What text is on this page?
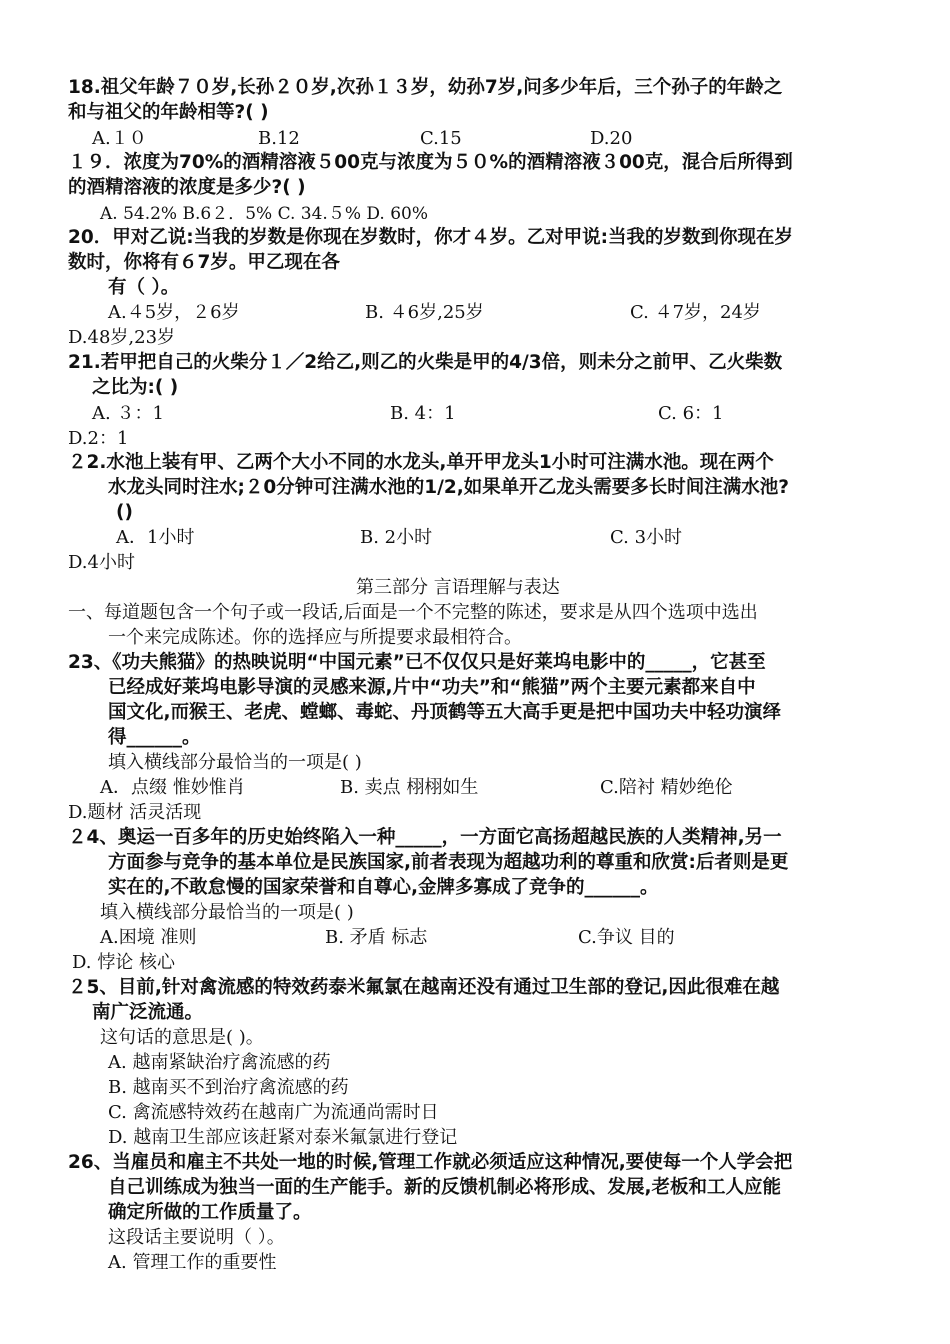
18.祖父年龄７０岁,长孙２０岁,次孙１３岁，幼孙7岁,问多少年后，三个孙子的年龄之
和与祖父的年龄相等?( )
A.１０	B.12	C.15	D.20
１９．浓度为70%的酒精溶液５00克与浓度为５０%的酒精溶液３00克，混合后所得到
的酒精溶液的浓度是多少?( )
A. 54.2% B.6２．5% C. 34.５% D. 60%
20．甲对乙说:当我的岁数是你现在岁数时，你才４岁。乙对甲说:当我的岁数到你现在岁
数时，你将有６7岁。甲乙现在各
有（ ）。
A.４5岁，２6岁	B. ４6岁,25岁	C. ４7岁，24岁
D.48岁,23岁
21.若甲把自己的火柴分１／2给乙,则乙的火柴是甲的4/3倍，则未分之前甲、乙火柴数
之比为:( )
A. ３：1	B. 4：1	C. 6：1
D.2：1
２2.水池上装有甲、乙两个大小不同的水龙头,单开甲龙头1小时可注满水池。现在两个
水龙头同时注水;２0分钟可注满水池的1/2,如果单开乙龙头需要多长时间注满水池?
()
A．1小时	B. 2小时	C. 3小时
D.4小时
第三部分 言语理解与表达
一、每道题包含一个句子或一段话,后面是一个不完整的陈述，要求是从四个选项中选出
一个来完成陈述。你的选择应与所提要求最相符合。
23、《功夫熊猫》的热映说明“中国元素”已不仅仅只是好莱坞电影中的_____，它甚至
已经成好莱坞电影导演的灵感来源,片中“功夫”和“熊猫”两个主要元素都来自中
国文化,而猴王、老虎、螳螂、毒蛇、丹顶鹤等五大高手更是把中国功夫中轻功演绎
得______。
填入横线部分最恰当的一项是( )
A．点缀 惟妙惟肖	B. 卖点 栩栩如生	C.陪衬 精妙绝伦
D.题材 活灵活现
２4、奥运一百多年的历史始终陷入一种_____，一方面它高扬超越民族的人类精神,另一
方面参与竞争的基本单位是民族国家,前者表现为超越功利的尊重和欣赏:后者则是更
实在的,不敢怠慢的国家荣誉和自尊心,金牌多寡成了竞争的______。
填入横线部分最恰当的一项是( )
A.困境 准则	B. 矛盾 标志	C.争议 目的
D. 悖论 核心
２5、目前,针对禽流感的特效药泰米氟氯在越南还没有通过卫生部的登记,因此很难在越
南广泛流通。
这句话的意思是( )。
A. 越南紧缺治疗禽流感的药
B. 越南买不到治疗禽流感的药
C. 禽流感特效药在越南广为流通尚需时日
D. 越南卫生部应该赶紧对泰米氟氯进行登记
26、当雇员和雇主不共处一地的时候,管理工作就必须适应这种情况,要使每一个人学会把
自己训练成为独当一面的生产能手。新的反馈机制必将形成、发展,老板和工人应能
确定所做的工作质量了。
这段话主要说明（ ）。
A. 管理工作的重要性
